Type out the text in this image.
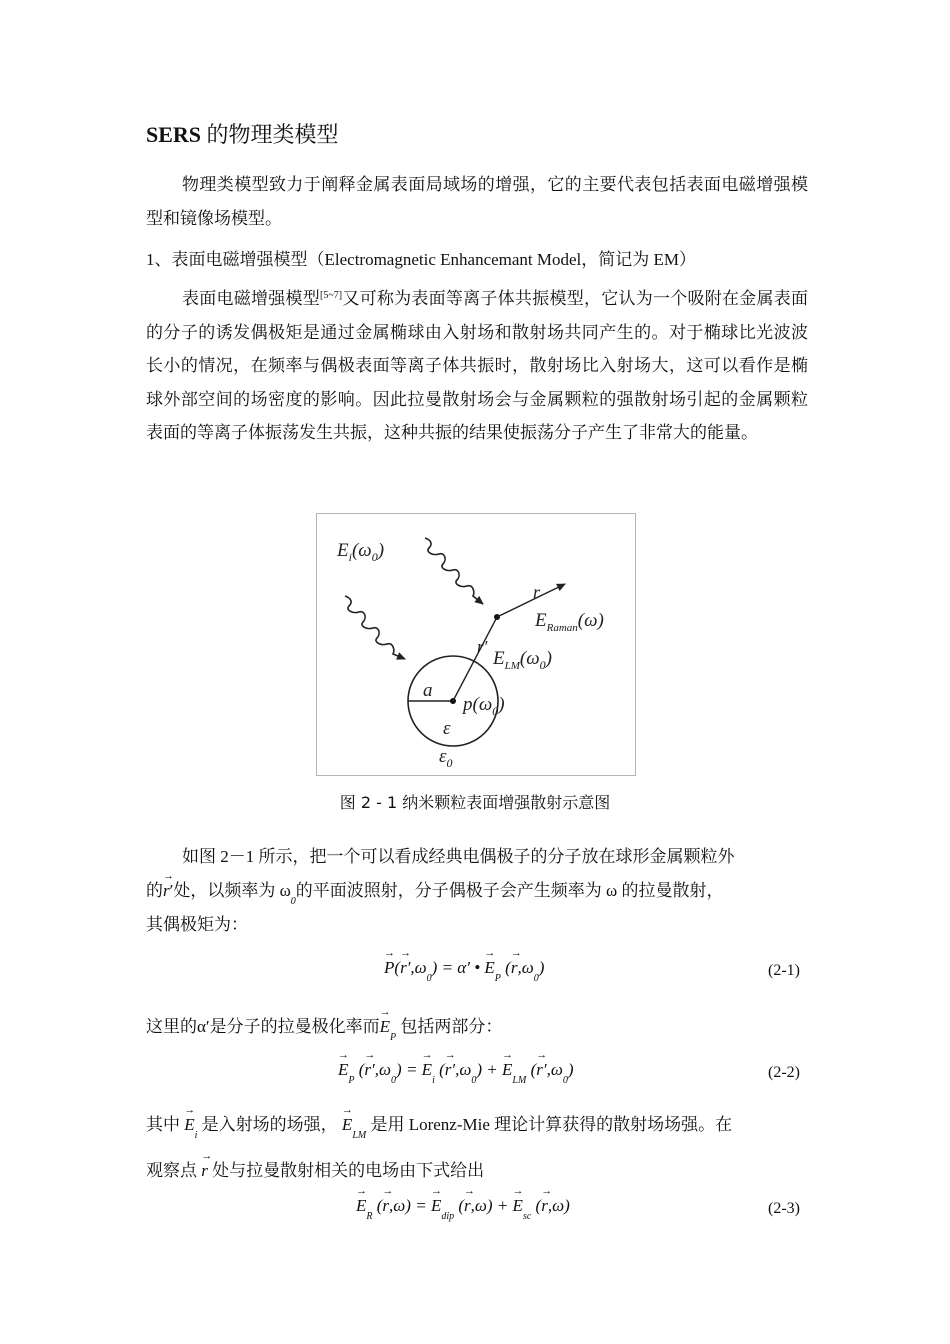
SERS 的物理类模型

物理类模型致力于阐释金属表面局域场的增强，它的主要代表包括表面电磁增强模型和镜像场模型。

1、表面电磁增强模型（Electromagnetic Enhancemant Model，简记为 EM）

表面电磁增强模型[5~7]又可称为表面等离子体共振模型，它认为一个吸附在金属表面的分子的诱发偶极矩是通过金属椭球由入射场和散射场共同产生的。对于椭球比光波波长小的情况，在频率与偶极表面等离子体共振时，散射场比入射场大，这可以看作是椭球外部空间的场密度的影响。因此拉曼散射场会与金属颗粒的强散射场引起的金属颗粒表面的等离子体振荡发生共振，这种共振的结果使振荡分子产生了非常大的能量。

$E_i(\omega_0)$
r
$E_{Raman}(\omega)$
r′
$E_{LM}(\omega_0)$
a
$p(\omega_0)$
ε
$\varepsilon_0$
图 2 - 1 纳米颗粒表面增强散射示意图
如图 2－1 所示，把一个可以看成经典电偶极子的分子放在球形金属颗粒外
的→ r′处，以频率为 $\omega_0$的平面波照射，分子偶极子会产生频率为 ω 的拉曼散射，
其偶极矩为：
→ $P(\to r',\omega_0) = \alpha'$ • → $E_P$ (→ $r,\omega_0$)	(2-1)
这里的α′是分子的拉曼极化率而→ $E_P$ 包括两部分：
→ $E_P$ (→ $r',\omega_0$) = → $E_i$ (→ $r',\omega_0$) + → $E_{LM}$ (→ $r',\omega_0$)	(2-2)
其中 → $E_i$ 是入射场的场强， → $E_{LM}$ 是用 Lorenz-Mie 理论计算获得的散射场场强。在
观察点 → r 处与拉曼散射相关的电场由下式给出
→ $E_R$ (→ r,ω) = → $E_{dip}$ (→ r,ω) + → $E_{sc}$ (→ r,ω)	(2-3)
